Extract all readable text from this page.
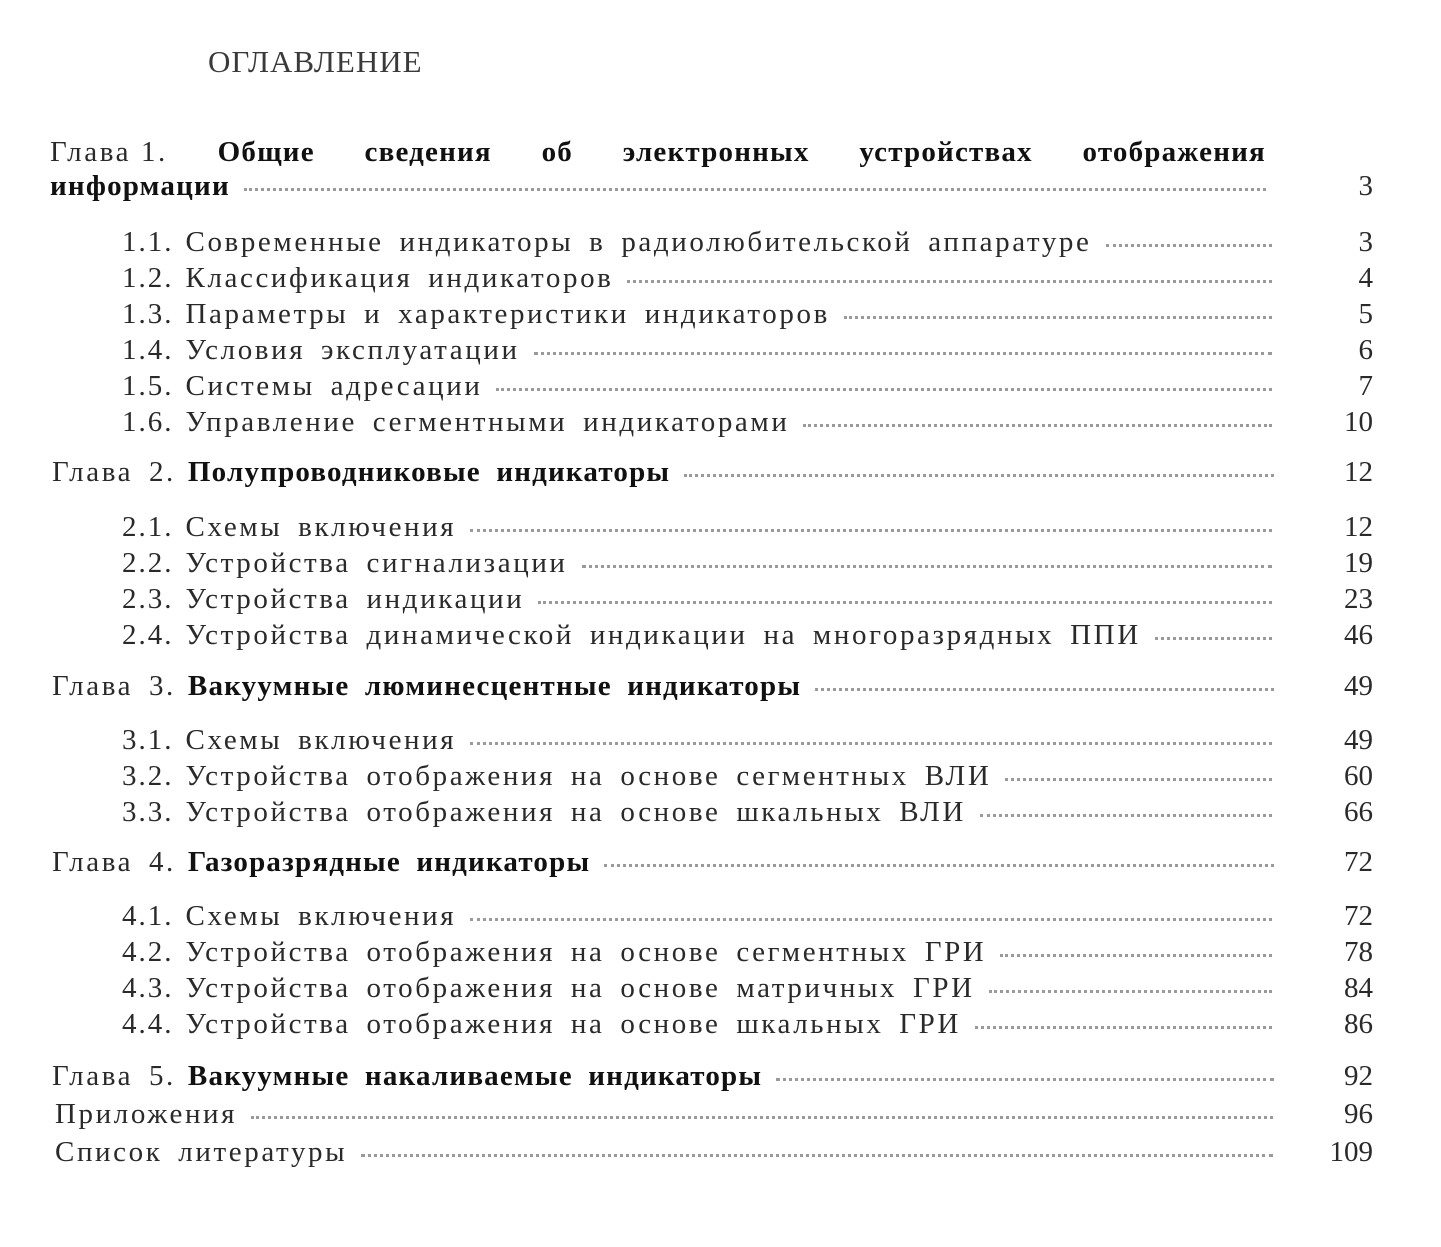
ОГЛАВЛЕНИЕ
Глава 1. Общие сведения об электронных устройствах отображения
информации	3
1.1. Современные индикаторы в радиолюбительской аппаратуре	3
1.2. Классификация индикаторов	4
1.3. Параметры и характеристики индикаторов	5
1.4. Условия эксплуатации	6
1.5. Системы адресации	7
1.6. Управление сегментными индикаторами	10
Глава 2. Полупроводниковые индикаторы	12
2.1. Схемы включения	12
2.2. Устройства сигнализации	19
2.3. Устройства индикации	23
2.4. Устройства динамической индикации на многоразрядных ППИ	46
Глава 3. Вакуумные люминесцентные индикаторы	49
3.1. Схемы включения	49
3.2. Устройства отображения на основе сегментных ВЛИ	60
3.3. Устройства отображения на основе шкальных ВЛИ	66
Глава 4. Газоразрядные индикаторы	72
4.1. Схемы включения	72
4.2. Устройства отображения на основе сегментных ГРИ	78
4.3. Устройства отображения на основе матричных ГРИ	84
4.4. Устройства отображения на основе шкальных ГРИ	86
Глава 5. Вакуумные накаливаемые индикаторы	92
Приложения	96
Список литературы	109
